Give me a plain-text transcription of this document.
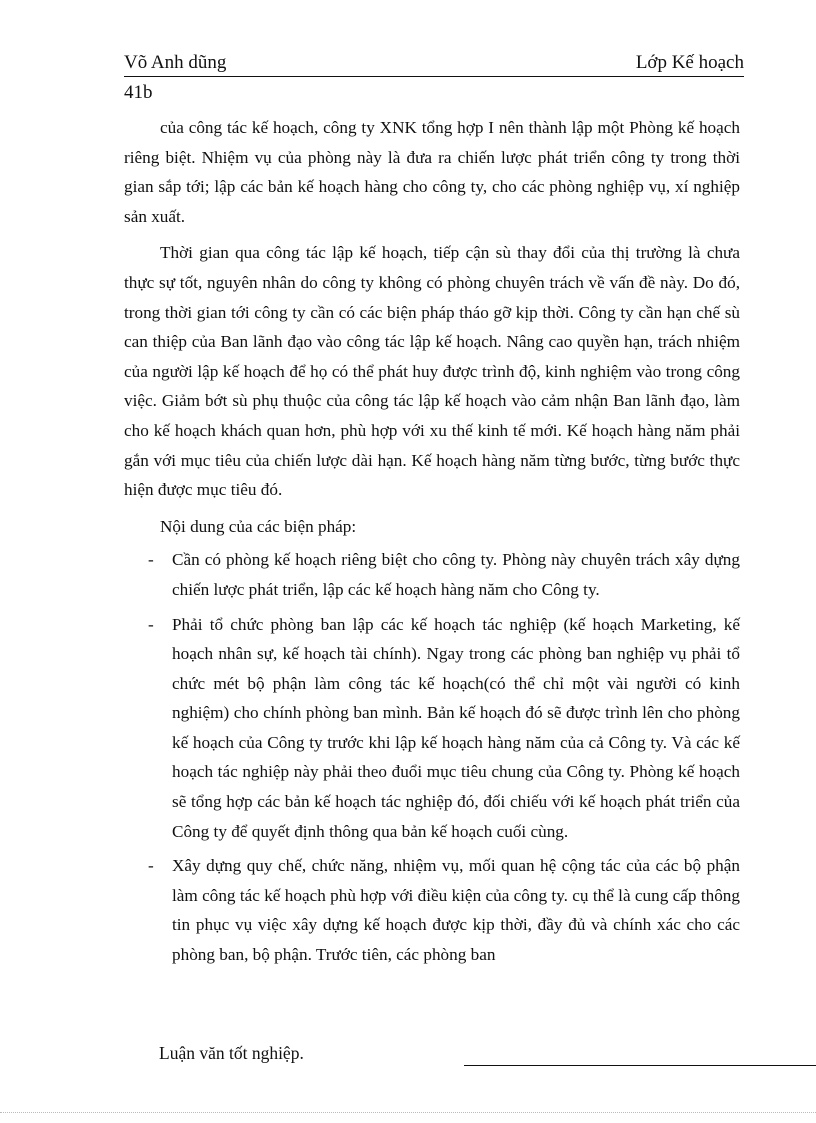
Võ Anh dũng	Lớp Kế hoạch
41b

của công tác kế hoạch, công ty XNK tổng hợp I nên thành lập một Phòng kế hoạch riêng biệt. Nhiệm vụ của phòng này là đưa ra chiến lược phát triển công ty trong thời gian sắp tới; lập các bản kế hoạch hàng cho công ty, cho các phòng nghiệp vụ, xí nghiệp sản xuất.

Thời gian qua công tác lập kế hoạch, tiếp cận sù thay đổi của thị trường là chưa thực sự tốt, nguyên nhân do công ty không có phòng chuyên trách về vấn đề này. Do đó, trong thời gian tới công ty cần có các biện pháp tháo gỡ kịp thời. Công ty cần hạn chế sù can thiệp của Ban lãnh đạo vào công tác lập kế hoạch. Nâng cao quyền hạn, trách nhiệm của người lập kế hoạch để họ có thể phát huy được trình độ, kinh nghiệm vào trong công việc. Giảm bớt sù phụ thuộc của công tác lập kế hoạch vào cảm nhận Ban lãnh đạo, làm cho kế hoạch khách quan hơn, phù hợp với xu thế kinh tế mới. Kế hoạch hàng năm phải gắn với mục tiêu của chiến lược dài hạn. Kế hoạch hàng năm từng bước, từng bước thực hiện được mục tiêu đó.

Nội dung của các biện pháp:

- Cần có phòng kế hoạch riêng biệt cho công ty. Phòng này chuyên trách xây dựng chiến lược phát triển, lập các kế hoạch hàng năm cho Công ty.
- Phải tổ chức phòng ban lập các kế hoạch tác nghiệp (kế hoạch Marketing, kế hoạch nhân sự, kế hoạch tài chính). Ngay trong các phòng ban nghiệp vụ phải tổ chức mét bộ phận làm công tác kế hoạch(có thể chỉ một vài người có kinh nghiệm) cho chính phòng ban mình. Bản kế hoạch đó sẽ được trình lên cho phòng kế hoạch của Công ty trước khi lập kế hoạch hàng năm của cả Công ty. Và các kế hoạch tác nghiệp này phải theo đuổi mục tiêu chung của Công ty. Phòng kế hoạch sẽ tổng hợp các bản kế hoạch tác nghiệp đó, đối chiếu với kế hoạch phát triển của Công ty để quyết định thông qua bản kế hoạch cuối cùng.
- Xây dựng quy chế, chức năng, nhiệm vụ, mối quan hệ cộng tác của các bộ phận làm công tác kế hoạch phù hợp với điều kiện của công ty. cụ thể là cung cấp thông tin phục vụ việc xây dựng kế hoạch được kịp thời, đầy đủ và chính xác cho các phòng ban, bộ phận. Trước tiên, các phòng ban
Luận văn tốt nghiệp.
